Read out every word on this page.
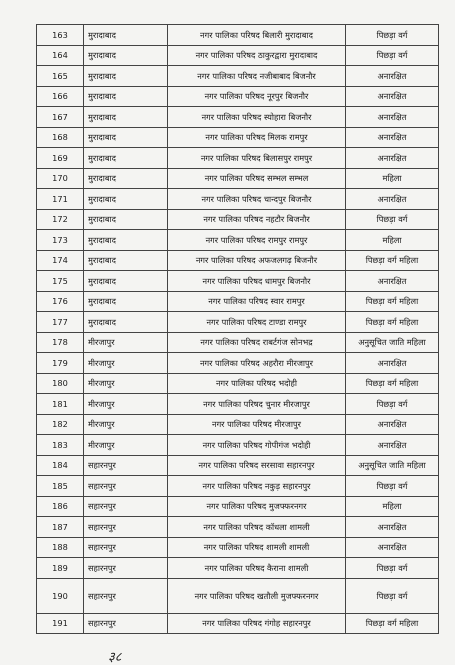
163	मुरादाबाद	नगर पालिका परिषद बिलारी मुरादाबाद	पिछड़ा वर्ग
164	मुरादाबाद	नगर पालिका परिषद ठाकुरद्वारा मुरादाबाद	पिछड़ा वर्ग
165	मुरादाबाद	नगर पालिका परिषद नजीबाबाद बिजनौर	अनारक्षित
166	मुरादाबाद	नगर पालिका परिषद नूरपुर बिजनौर	अनारक्षित
167	मुरादाबाद	नगर पालिका परिषद स्योहारा बिजनौर	अनारक्षित
168	मुरादाबाद	नगर पालिका परिषद मिलक रामपुर	अनारक्षित
169	मुरादाबाद	नगर पालिका परिषद बिलासपुर रामपुर	अनारक्षित
170	मुरादाबाद	नगर पालिका परिषद सम्भल सम्भल	महिला
171	मुरादाबाद	नगर पालिका परिषद चान्दपुर बिजनौर	अनारक्षित
172	मुरादाबाद	नगर पालिका परिषद नहटौर बिजनौर	पिछड़ा वर्ग
173	मुरादाबाद	नगर पालिका परिषद रामपुर रामपुर	महिला
174	मुरादाबाद	नगर पालिका परिषद अफजलगढ़ बिजनौर	पिछड़ा वर्ग महिला
175	मुरादाबाद	नगर पालिका परिषद धामपुर बिजनौर	अनारक्षित
176	मुरादाबाद	नगर पालिका परिषद स्वार रामपुर	पिछड़ा वर्ग महिला
177	मुरादाबाद	नगर पालिका परिषद टाण्डा रामपुर	पिछड़ा वर्ग महिला
178	मीरजापुर	नगर पालिका परिषद राबर्टगंज सोनभद्र	अनुसूचित जाति महिला
179	मीरजापुर	नगर पालिका परिषद अहरौरा मीरजापुर	अनारक्षित
180	मीरजापुर	नगर पालिका परिषद भदोही	पिछड़ा वर्ग महिला
181	मीरजापुर	नगर पालिका परिषद चुनार मीरजापुर	पिछड़ा वर्ग
182	मीरजापुर	नगर पालिका परिषद मीरजापुर	अनारक्षित
183	मीरजापुर	नगर पालिका परिषद गोपीगंज भदोही	अनारक्षित
184	सहारनपुर	नगर पालिका परिषद सरसावा सहारनपुर	अनुसूचित जाति महिला
185	सहारनपुर	नगर पालिका परिषद नकुड़ सहारनपुर	पिछड़ा वर्ग
186	सहारनपुर	नगर पालिका परिषद मुजफ्फरनगर	महिला
187	सहारनपुर	नगर पालिका परिषद कॉधला शामली	अनारक्षित
188	सहारनपुर	नगर पालिका परिषद शामली शामली	अनारक्षित
189	सहारनपुर	नगर पालिका परिषद कैराना शामली	पिछड़ा वर्ग
190	सहारनपुर	नगर पालिका परिषद खतौली मुजफ्फरनगर	पिछड़ा वर्ग
191	सहारनपुर	नगर पालिका परिषद गंगोह सहारनपुर	पिछड़ा वर्ग महिला
३८
